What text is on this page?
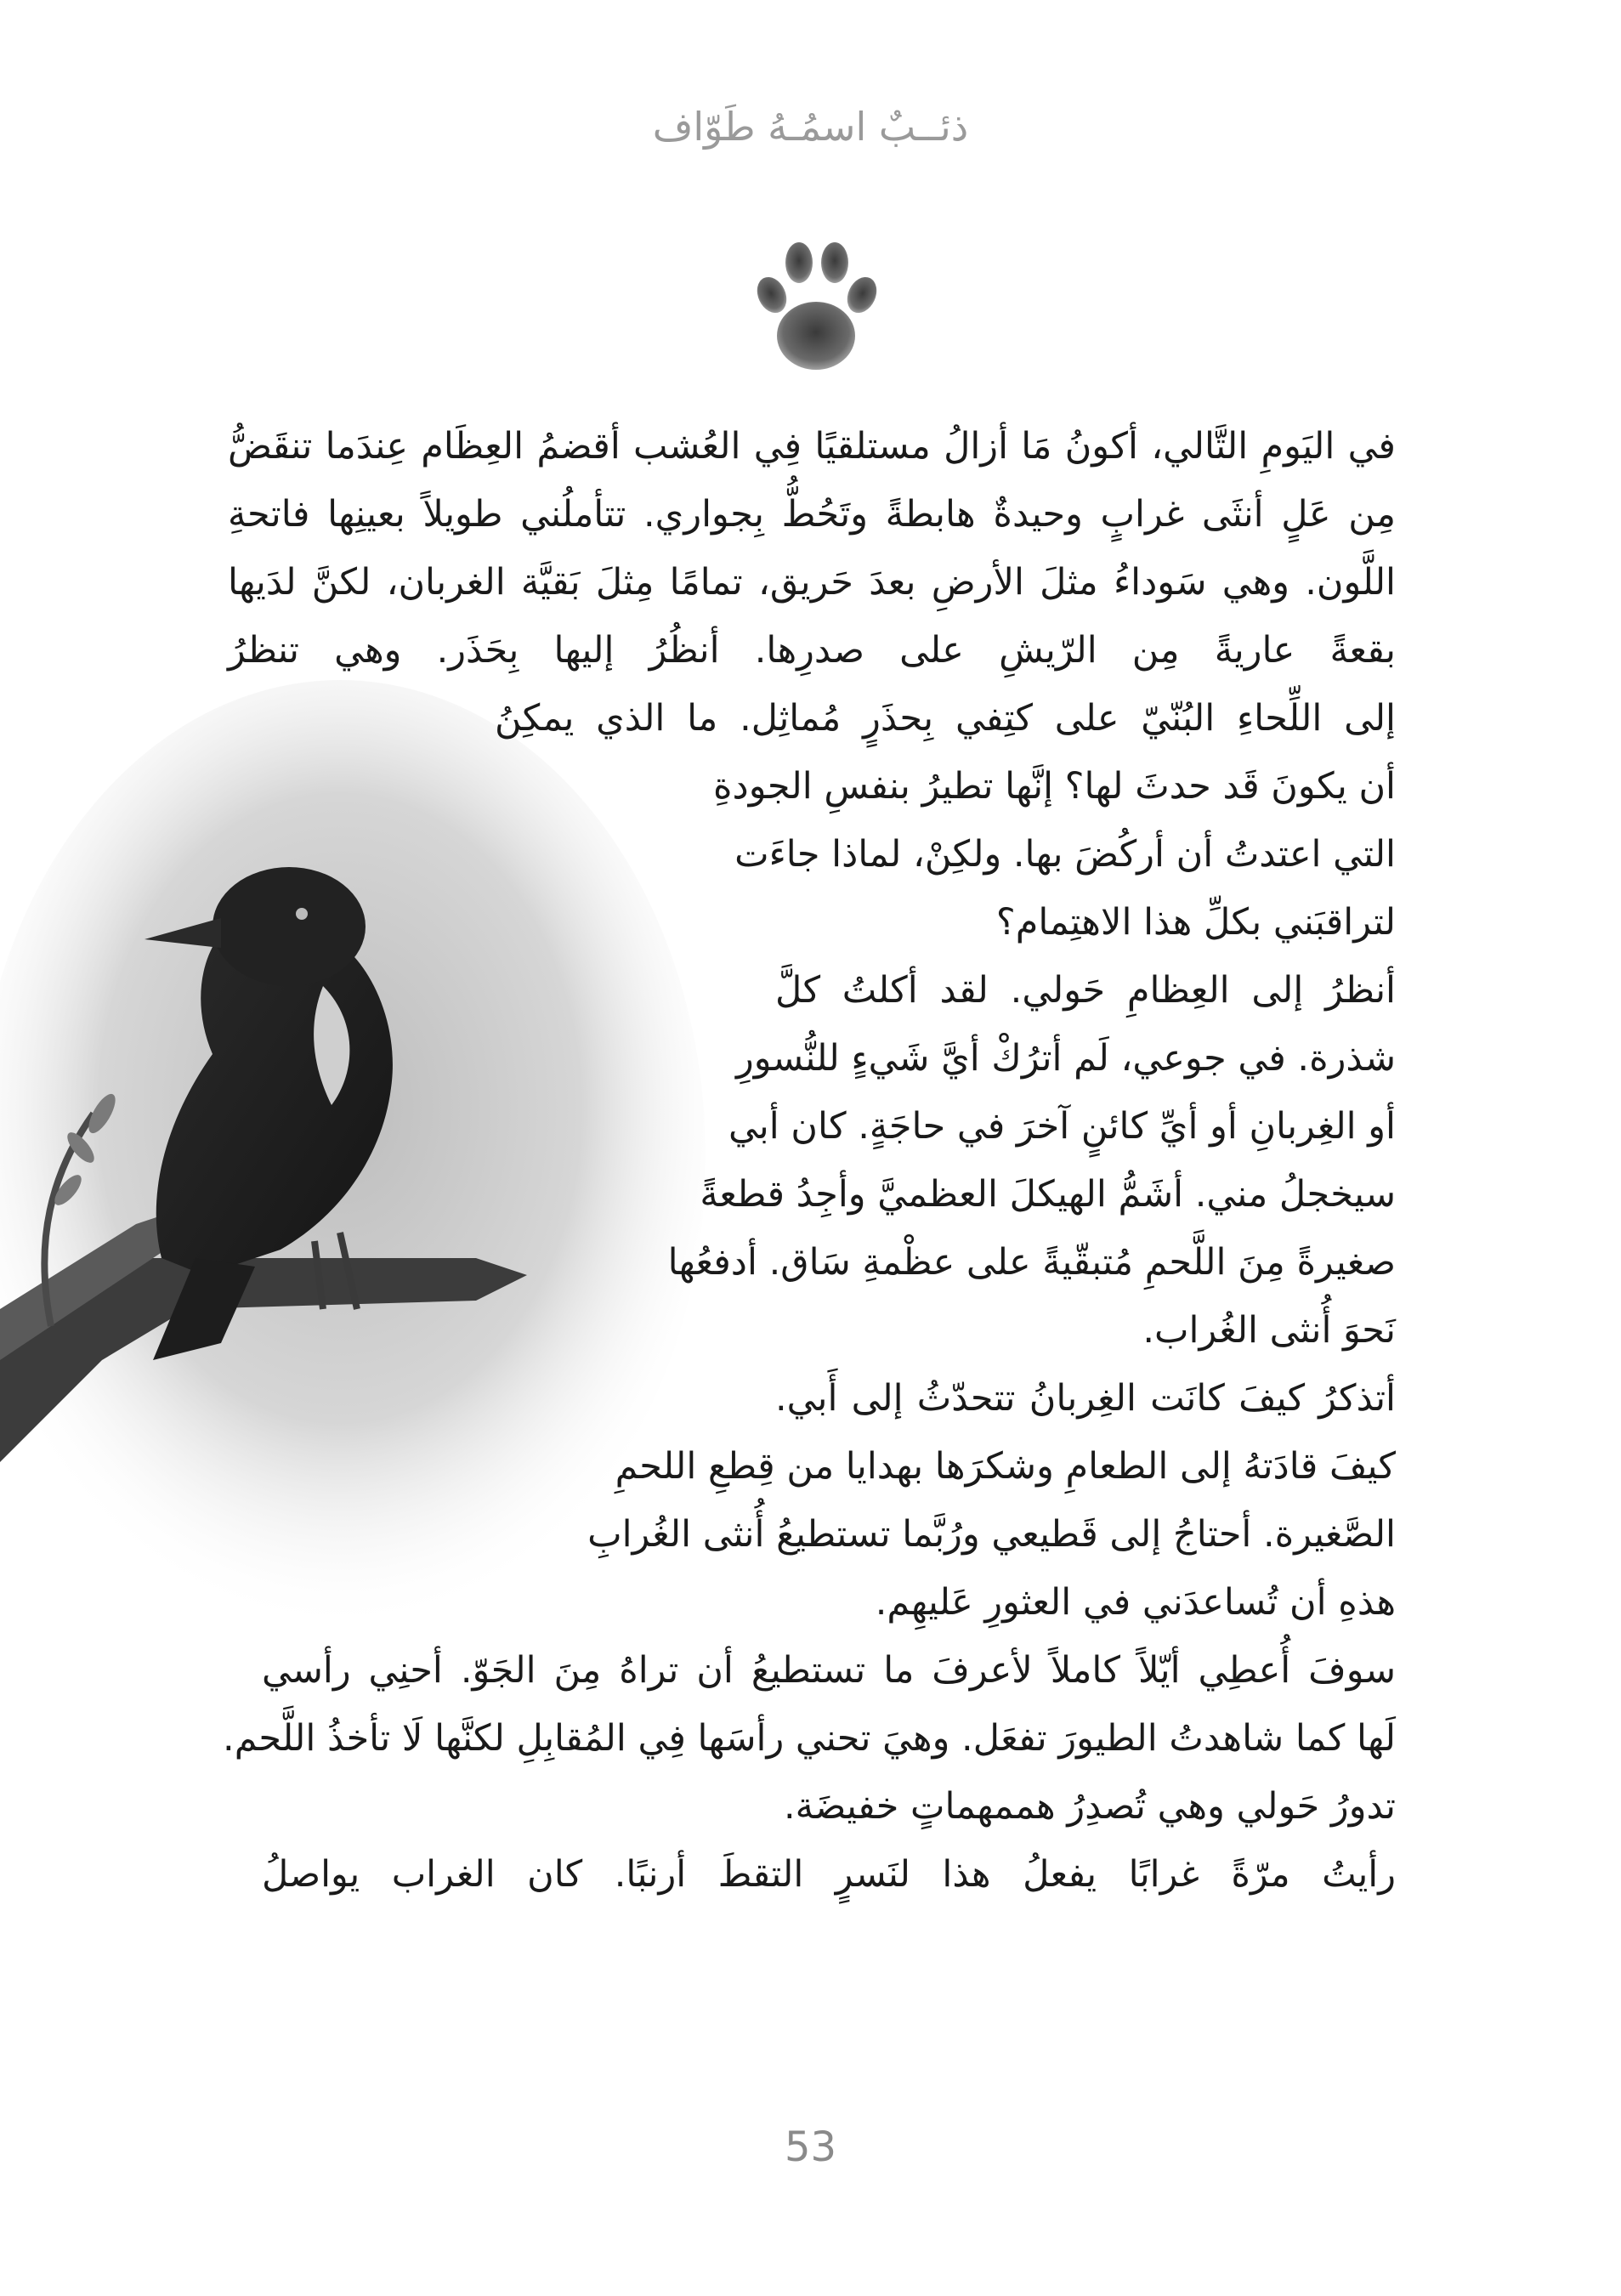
ذئــبٌ اسمُـهُ طَوّاف
في اليَومِ التَّالي، أكونُ مَا أزالُ مستلقيًا فِي العُشب أقضمُ العِظَام عِندَما تنقَضُّ
مِن عَلٍ أنثَى غرابٍ وحيدةٌ هابطةً وتَحُطُّ بِجواري. تتأملُني طويلاً بعينِها فاتحةِ
اللَّون. وهي سَوداءُ مثلَ الأرضِ بعدَ حَريق، تمامًا مِثلَ بَقيَّة الغربان، لكنَّ لدَيها
بقعةً عاريةً مِن الرّيشِ على صدرِها. أنظُرُ إليها بِحَذَر. وهي تنظرُ
إلى اللِّحاءِ البُنّيّ على كتِفي بِحذَرٍ مُماثِل. ما الذي يمكِنُ
أن يكونَ قَد حدثَ لها؟ إنَّها تطيرُ بنفسِ الجودةِ
التي اعتدتُ أن أركُضَ بها. ولكِنْ، لماذا جاءَت
لتراقبَني بكلِّ هذا الاهتِمام؟
أنظرُ إلى العِظامِ حَولي. لقد أكلتُ كلَّ
شذرة. في جوعي، لَم أترُكْ أيَّ شَيءٍ للنُّسورِ
أو الغِربانِ أو أيِّ كائنٍ آخرَ في حاجَةٍ. كان أبي
سيخجلُ مني. أشَمُّ الهيكلَ العظميَّ وأجِدُ قطعةً
صغيرةً مِنَ اللَّحمِ مُتبقّيةً على عظْمةِ سَاق. أدفعُها
نَحوَ أُنثى الغُراب.
أتذكرُ كيفَ كانَت الغِربانُ تتحدّثُ إلى أَبي.
كيفَ قادَتهُ إلى الطعامِ وشكرَها بهدايا من قِطعِ اللحمِ
الصَّغيرة. أحتاجُ إلى قَطيعي ورُبَّما تستطيعُ أُنثى الغُرابِ
هذهِ أن تُساعدَني في العثورِ عَليهِم.
سوفَ أُعطِي أيّلاً كاملاً لأعرفَ ما تستطيعُ أن تراهُ مِنَ الجَوّ. أحنِي رأسي
لَها كما شاهدتُ الطيورَ تفعَل. وهيَ تحني رأسَها فِي المُقابِلِ لكنَّها لَا تأخذُ اللَّحم.
تدورُ حَولي وهي تُصدِرُ هممهماتٍ خفيضَة.
رأيتُ مرّةً غرابًا يفعلُ هذا لنَسرٍ التقطَ أرنبًا. كان الغراب يواصلُ
53
